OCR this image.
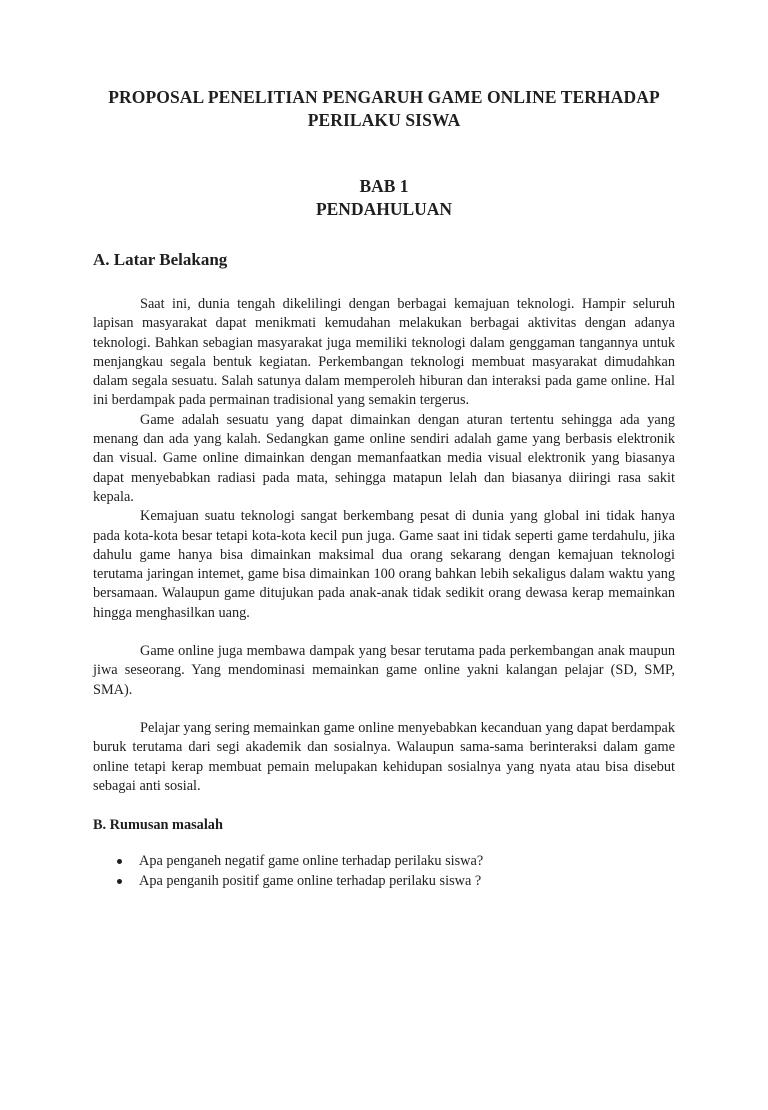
PROPOSAL PENELITIAN PENGARUH GAME ONLINE TERHADAP
PERILAKU SISWA
BAB 1
PENDAHULUAN
A. Latar Belakang

Saat ini, dunia tengah dikelilingi dengan berbagai kemajuan teknologi. Hampir seluruh lapisan masyarakat dapat menikmati kemudahan melakukan berbagai aktivitas dengan adanya teknologi. Bahkan sebagian masyarakat juga memiliki teknologi dalam genggaman tangannya untuk menjangkau segala bentuk kegiatan. Perkembangan teknologi membuat masyarakat dimudahkan dalam segala sesuatu. Salah satunya dalam memperoleh hiburan dan interaksi pada game online. Hal ini berdampak pada permainan tradisional yang semakin tergerus.

Game adalah sesuatu yang dapat dimainkan dengan aturan tertentu sehingga ada yang menang dan ada yang kalah. Sedangkan game online sendiri adalah game yang berbasis elektronik dan visual. Game online dimainkan dengan memanfaatkan media visual elektronik yang biasanya dapat menyebabkan radiasi pada mata, sehingga matapun lelah dan biasanya diiringi rasa sakit kepala.

Kemajuan suatu teknologi sangat berkembang pesat di dunia yang global ini tidak hanya pada kota-kota besar tetapi kota-kota kecil pun juga. Game saat ini tidak seperti game terdahulu, jika dahulu game hanya bisa dimainkan maksimal dua orang sekarang dengan kemajuan teknologi terutama jaringan intemet, game bisa dimainkan 100 orang bahkan lebih sekaligus dalam waktu yang bersamaan. Walaupun game ditujukan pada anak-anak tidak sedikit orang dewasa kerap memainkan hingga menghasilkan uang.

Game online juga membawa dampak yang besar terutama pada perkembangan anak maupun jiwa seseorang. Yang mendominasi memainkan game online yakni kalangan pelajar (SD, SMP, SMA).

Pelajar yang sering memainkan game online menyebabkan kecanduan yang dapat berdampak buruk terutama dari segi akademik dan sosialnya. Walaupun sama-sama berinteraksi dalam game online tetapi kerap membuat pemain melupakan kehidupan sosialnya yang nyata atau bisa disebut sebagai anti sosial.

B. Rumusan masalah
Apa penganeh negatif game online terhadap perilaku siswa?
Apa penganih positif game online terhadap perilaku siswa ?
